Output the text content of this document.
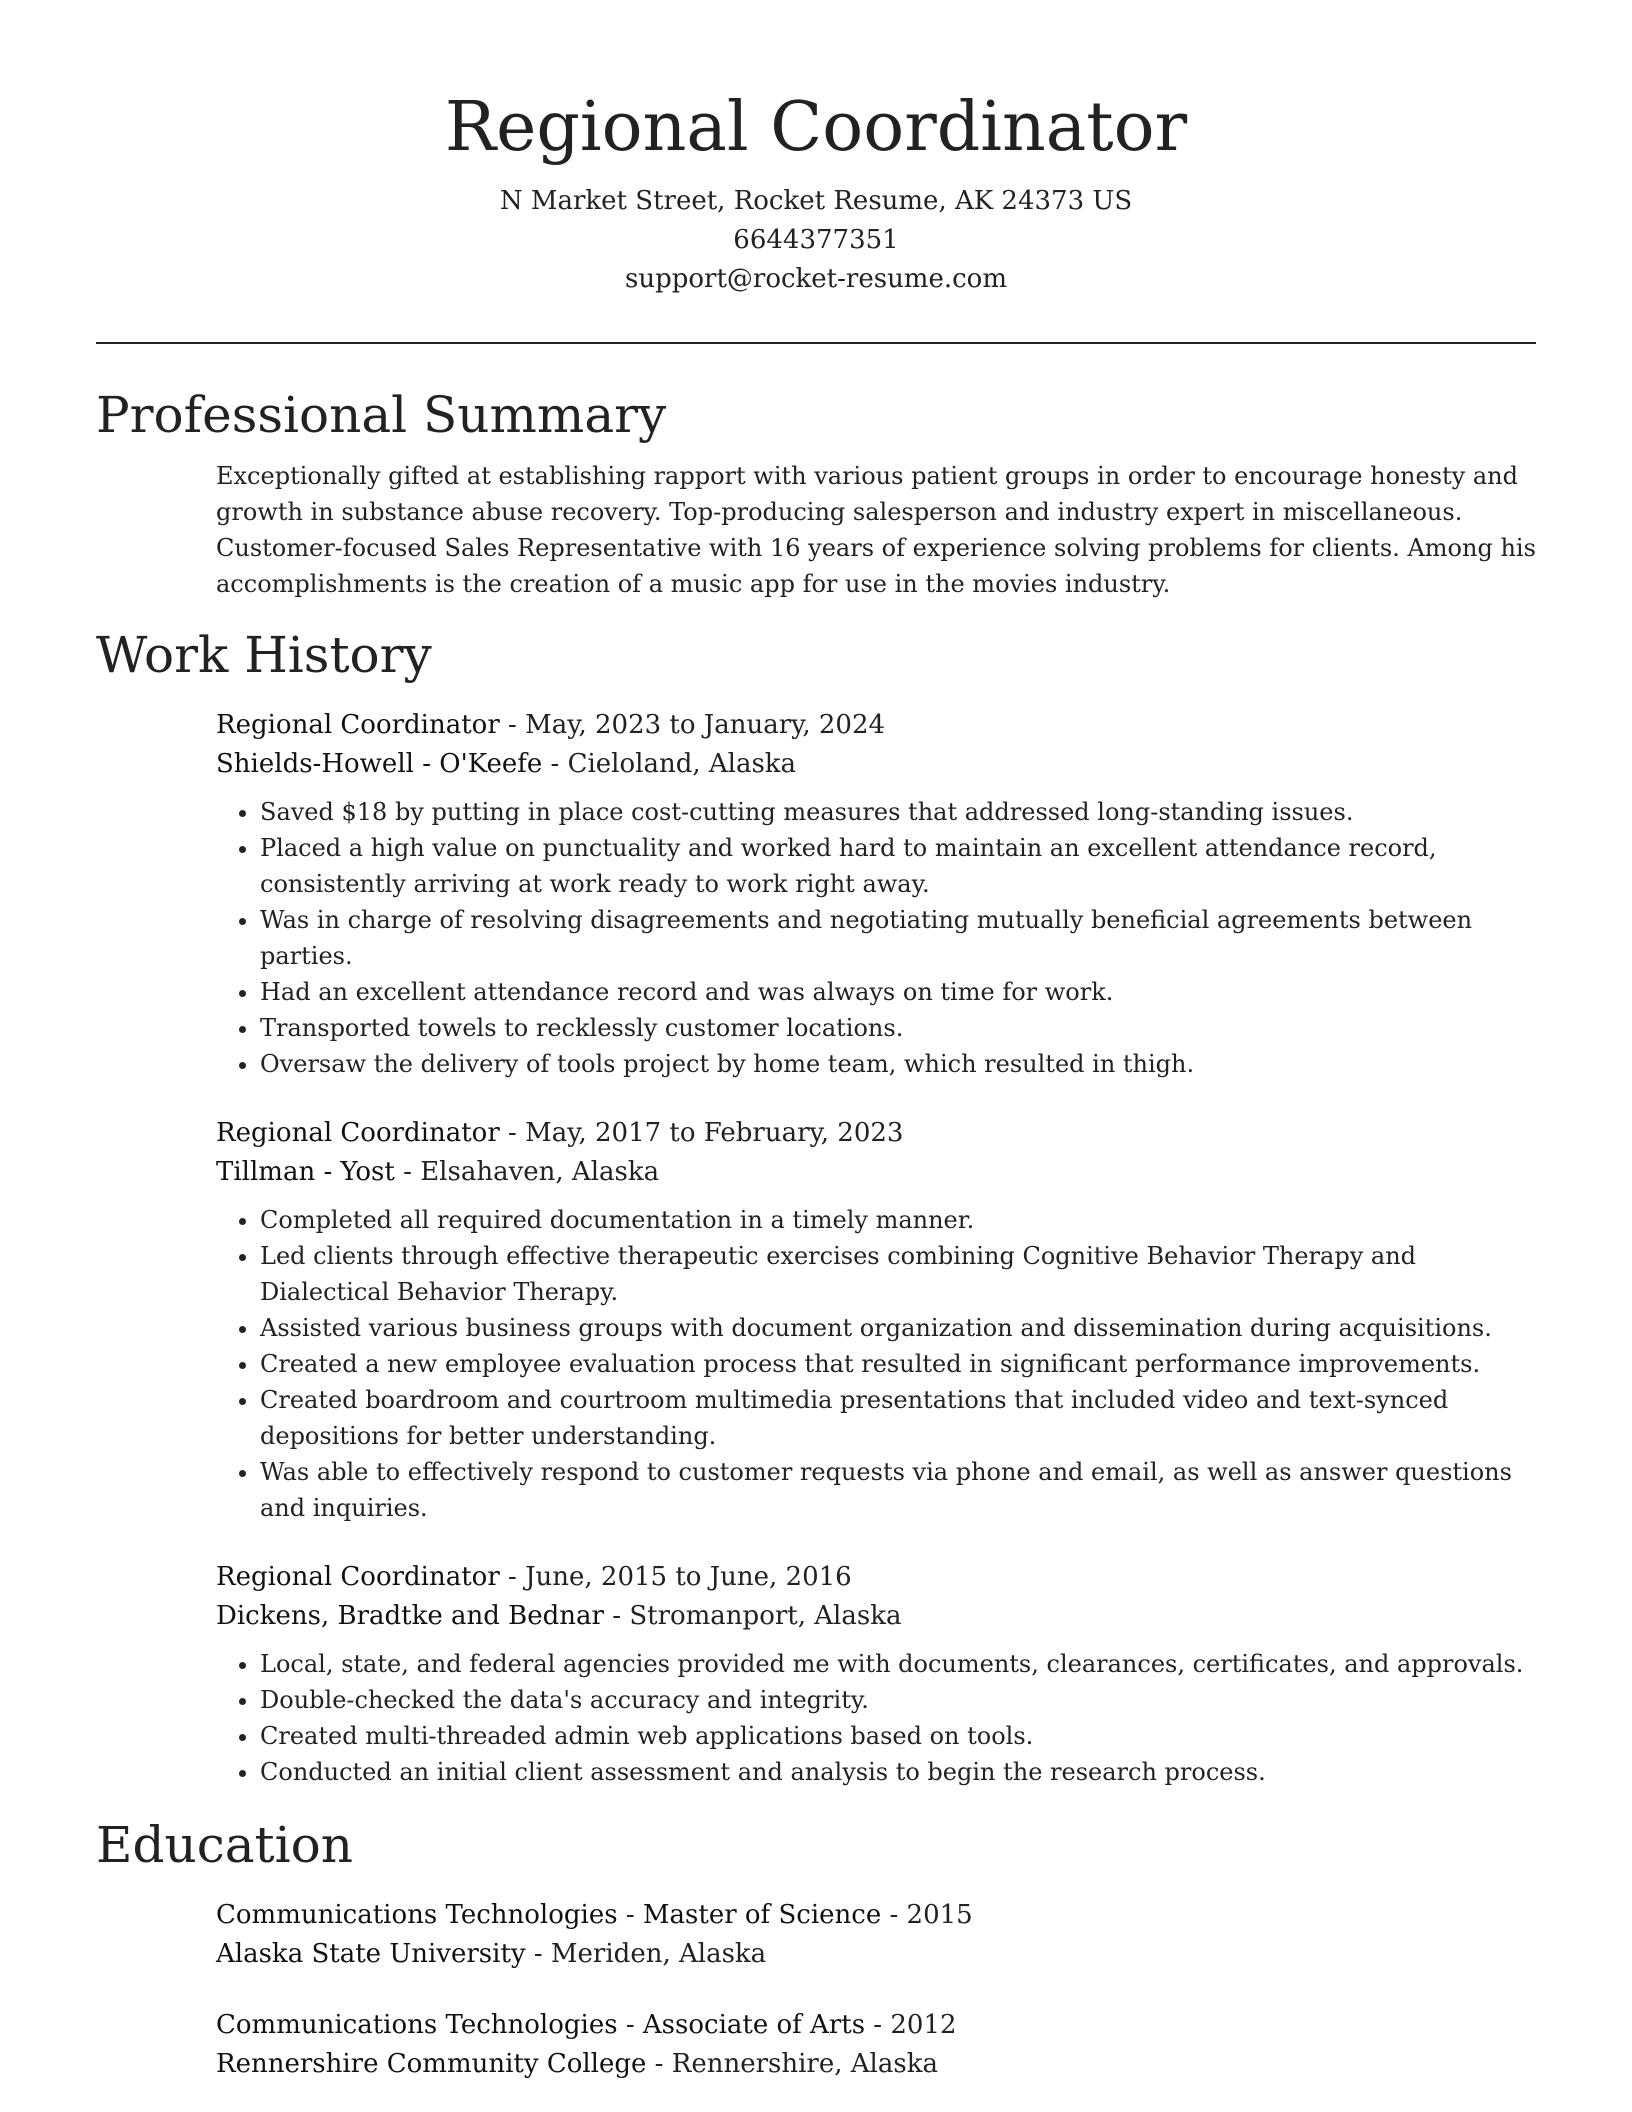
Regional Coordinator
N Market Street, Rocket Resume, AK 24373 US
6644377351
support@rocket-resume.com
Professional Summary

Exceptionally gifted at establishing rapport with various patient groups in order to encourage honesty and growth in substance abuse recovery. Top-producing salesperson and industry expert in miscellaneous. Customer-focused Sales Representative with 16 years of experience solving problems for clients. Among his accomplishments is the creation of a music app for use in the movies industry.

Work History
Regional Coordinator - May, 2023 to January, 2024
Shields-Howell - O'Keefe - Cieloland, Alaska
• Saved $18 by putting in place cost-cutting measures that addressed long-standing issues.
• Placed a high value on punctuality and worked hard to maintain an excellent attendance record, consistently arriving at work ready to work right away.
• Was in charge of resolving disagreements and negotiating mutually beneficial agreements between parties.
• Had an excellent attendance record and was always on time for work.
• Transported towels to recklessly customer locations.
• Oversaw the delivery of tools project by home team, which resulted in thigh.
Regional Coordinator - May, 2017 to February, 2023
Tillman - Yost - Elsahaven, Alaska
• Completed all required documentation in a timely manner.
• Led clients through effective therapeutic exercises combining Cognitive Behavior Therapy and Dialectical Behavior Therapy.
• Assisted various business groups with document organization and dissemination during acquisitions.
• Created a new employee evaluation process that resulted in significant performance improvements.
• Created boardroom and courtroom multimedia presentations that included video and text-synced depositions for better understanding.
• Was able to effectively respond to customer requests via phone and email, as well as answer questions and inquiries.
Regional Coordinator - June, 2015 to June, 2016
Dickens, Bradtke and Bednar - Stromanport, Alaska
• Local, state, and federal agencies provided me with documents, clearances, certificates, and approvals.
• Double-checked the data's accuracy and integrity.
• Created multi-threaded admin web applications based on tools.
• Conducted an initial client assessment and analysis to begin the research process.
Education
Communications Technologies - Master of Science - 2015
Alaska State University - Meriden, Alaska
Communications Technologies - Associate of Arts - 2012
Rennershire Community College - Rennershire, Alaska
